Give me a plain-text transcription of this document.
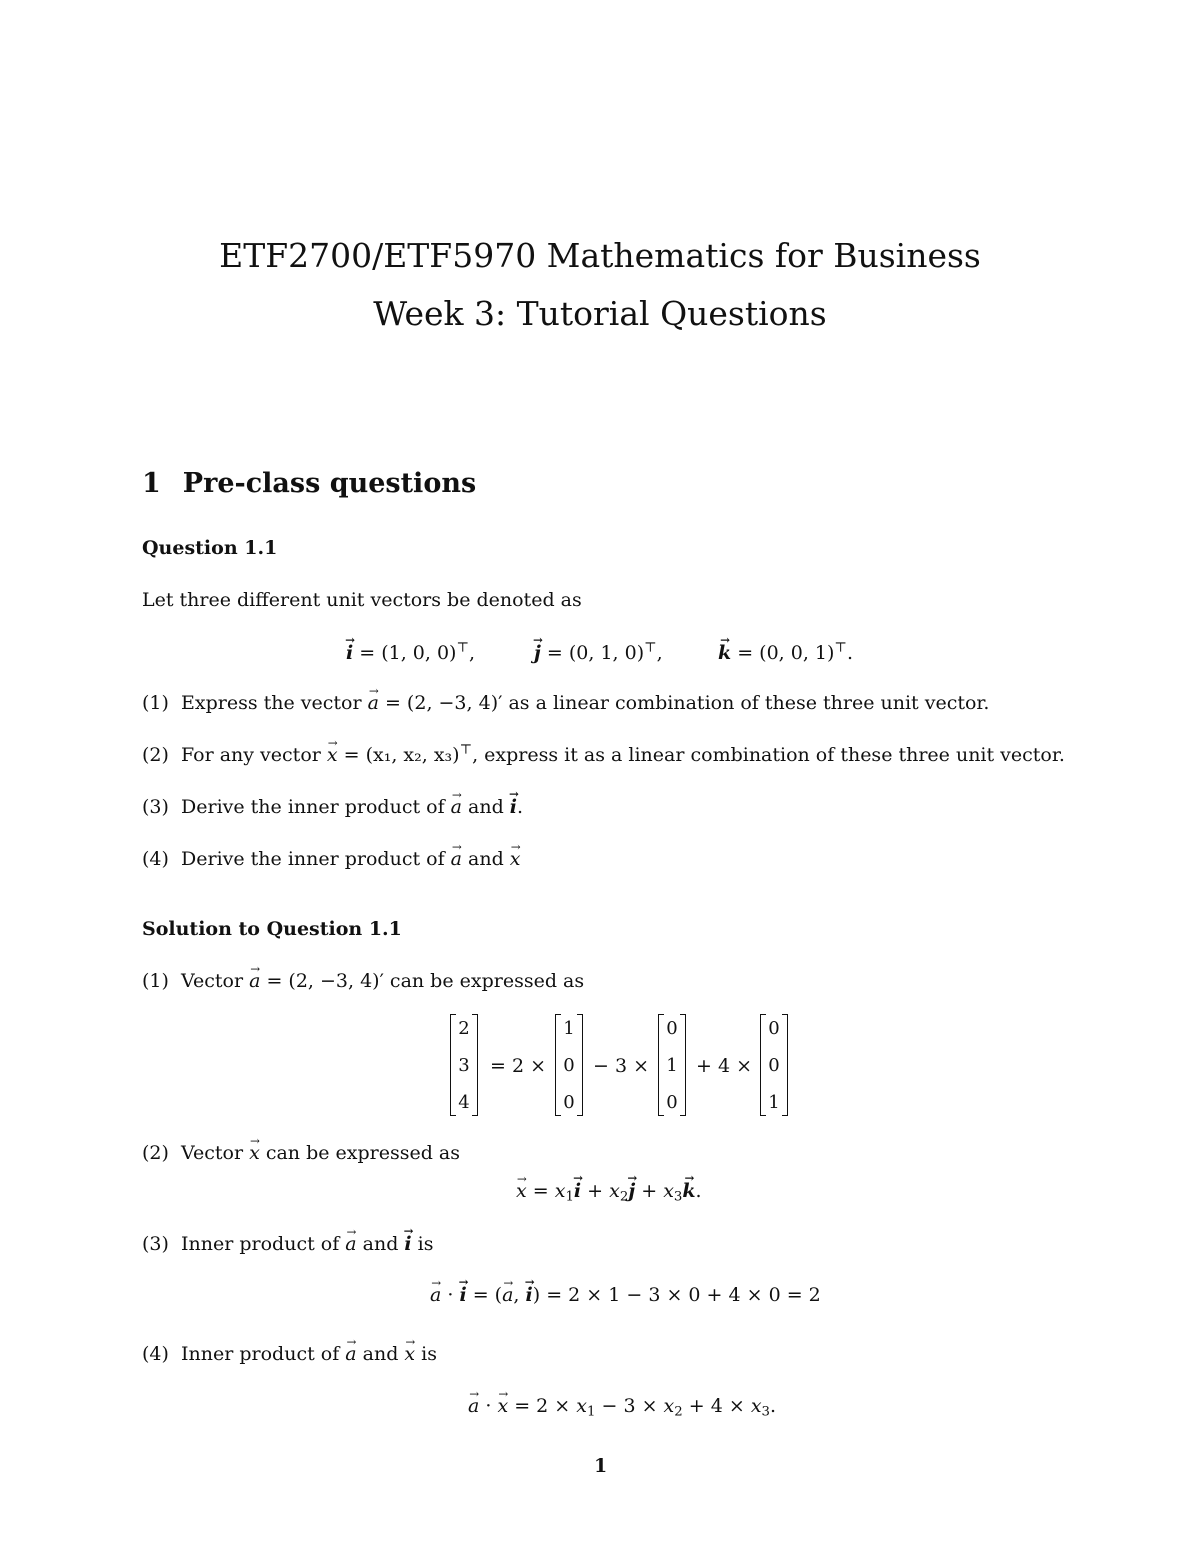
ETF2700/ETF5970 Mathematics for Business
Week 3: Tutorial Questions
1 Pre-class questions
Question 1.1
Let three different unit vectors be denoted as
i → = (1, 0, 0)⊤,	j → = (0, 1, 0)⊤,	k → = (0, 0, 1)⊤.
(1) Express the vector a → = (2, −3, 4)′ as a linear combination of these three unit vector.
(2) For any vector x → = (x₁, x₂, x₃)⊤, express it as a linear combination of these three unit vector.
(3) Derive the inner product of a → and i →.
(4) Derive the inner product of a → and x →
Solution to Question 1.1
(1) Vector a → = (2, −3, 4)′ can be expressed as
2
3
4
= 2 ×
1
0
0
− 3 ×
0
1
0
+ 4 ×
0
0
1
(2) Vector x → can be expressed as
x → = $x_1i$ → + $x_2j$ → + $x_3k$ →.
(3) Inner product of a → and i → is
a → · i → = (a →, i →) = 2 × 1 − 3 × 0 + 4 × 0 = 2
(4) Inner product of a → and x → is
a → · x → = $2 \times x_1 - 3 \times x_2 + 4 \times x_3$.
1
